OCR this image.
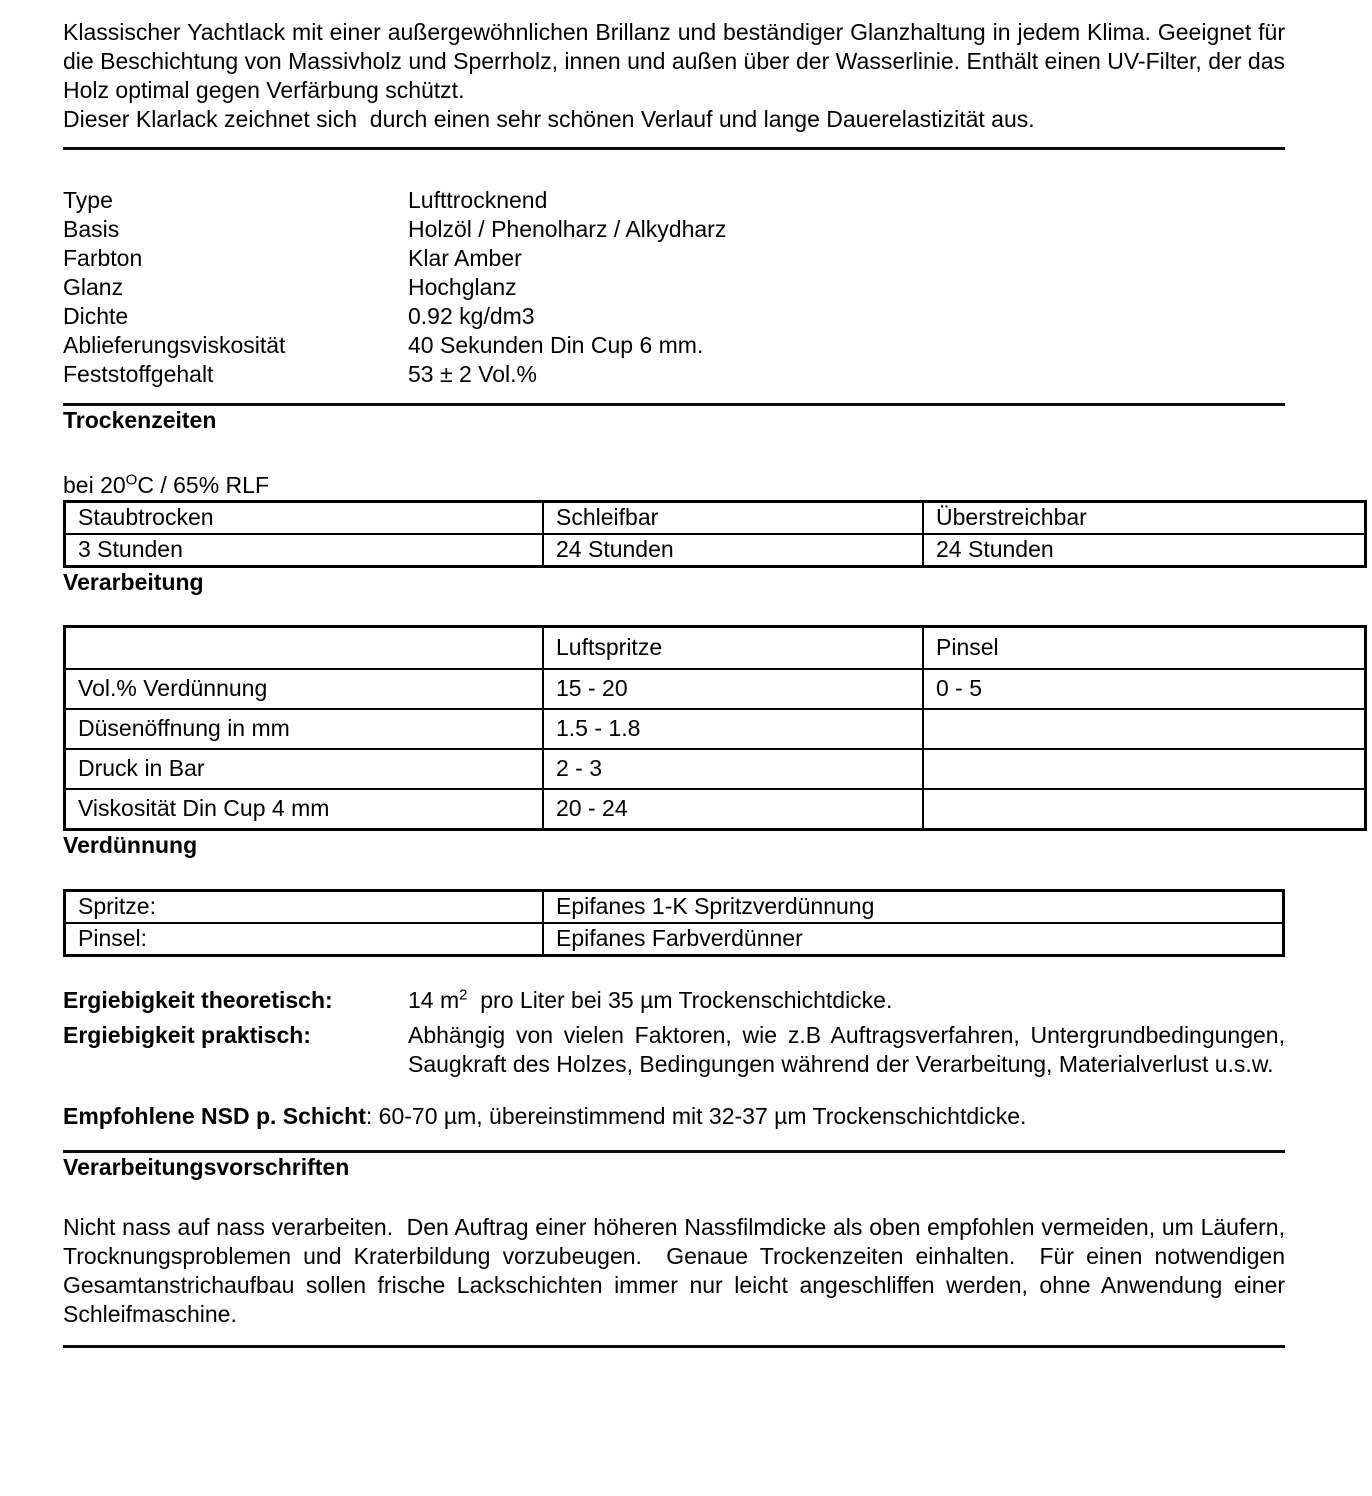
Klassischer Yachtlack mit einer außergewöhnlichen Brillanz und beständiger Glanzhaltung in jedem Klima. Geeignet für die Beschichtung von Massivholz und Sperrholz, innen und außen über der Wasserlinie. Enthält einen UV-Filter, der das Holz optimal gegen Verfärbung schützt.
Dieser Klarlack zeichnet sich  durch einen sehr schönen Verlauf und lange Dauerelastizität aus.
Type	Lufttrocknend
Basis	Holzöl / Phenolharz / Alkydharz
Farbton	Klar Amber
Glanz	Hochglanz
Dichte	0.92 kg/dm3
Ablieferungsviskosität	40 Sekunden Din Cup 6 mm.
Feststoffgehalt	53 ± 2 Vol.%
Trockenzeiten
bei $20^OC / 65\%$ RLF
Staubtrocken	Schleifbar	Überstreichbar
3 Stunden	24 Stunden	24 Stunden
Verarbeitung
	Luftspritze	Pinsel
Vol.% Verdünnung	15 - 20	0 - 5
Düsenöffnung in mm	1.5 - 1.8	
Druck in Bar	2 - 3	
Viskosität Din Cup 4 mm	20 - 24	
Verdünnung
Spritze:	Epifanes 1-K Spritzverdünnung
Pinsel:	Epifanes Farbverdünner
Ergiebigkeit theoretisch:	14 $m^2$  pro Liter bei 35 µm Trockenschichtdicke.
Ergiebigkeit praktisch:	Abhängig von vielen Faktoren, wie z.B Auftragsverfahren, Untergrundbedingungen, Saugkraft des Holzes, Bedingungen während der Verarbeitung, Materialverlust u.s.w.
Empfohlene NSD p. Schicht: 60-70 µm, übereinstimmend mit 32-37 µm Trockenschichtdicke.
Verarbeitungsvorschriften
Nicht nass auf nass verarbeiten.  Den Auftrag einer höheren Nassfilmdicke als oben empfohlen vermeiden, um Läufern, Trocknungsproblemen und Kraterbildung vorzubeugen.  Genaue Trockenzeiten einhalten.  Für einen notwendigen Gesamtanstrichaufbau sollen frische Lackschichten immer nur leicht angeschliffen werden, ohne Anwendung einer Schleifmaschine.
